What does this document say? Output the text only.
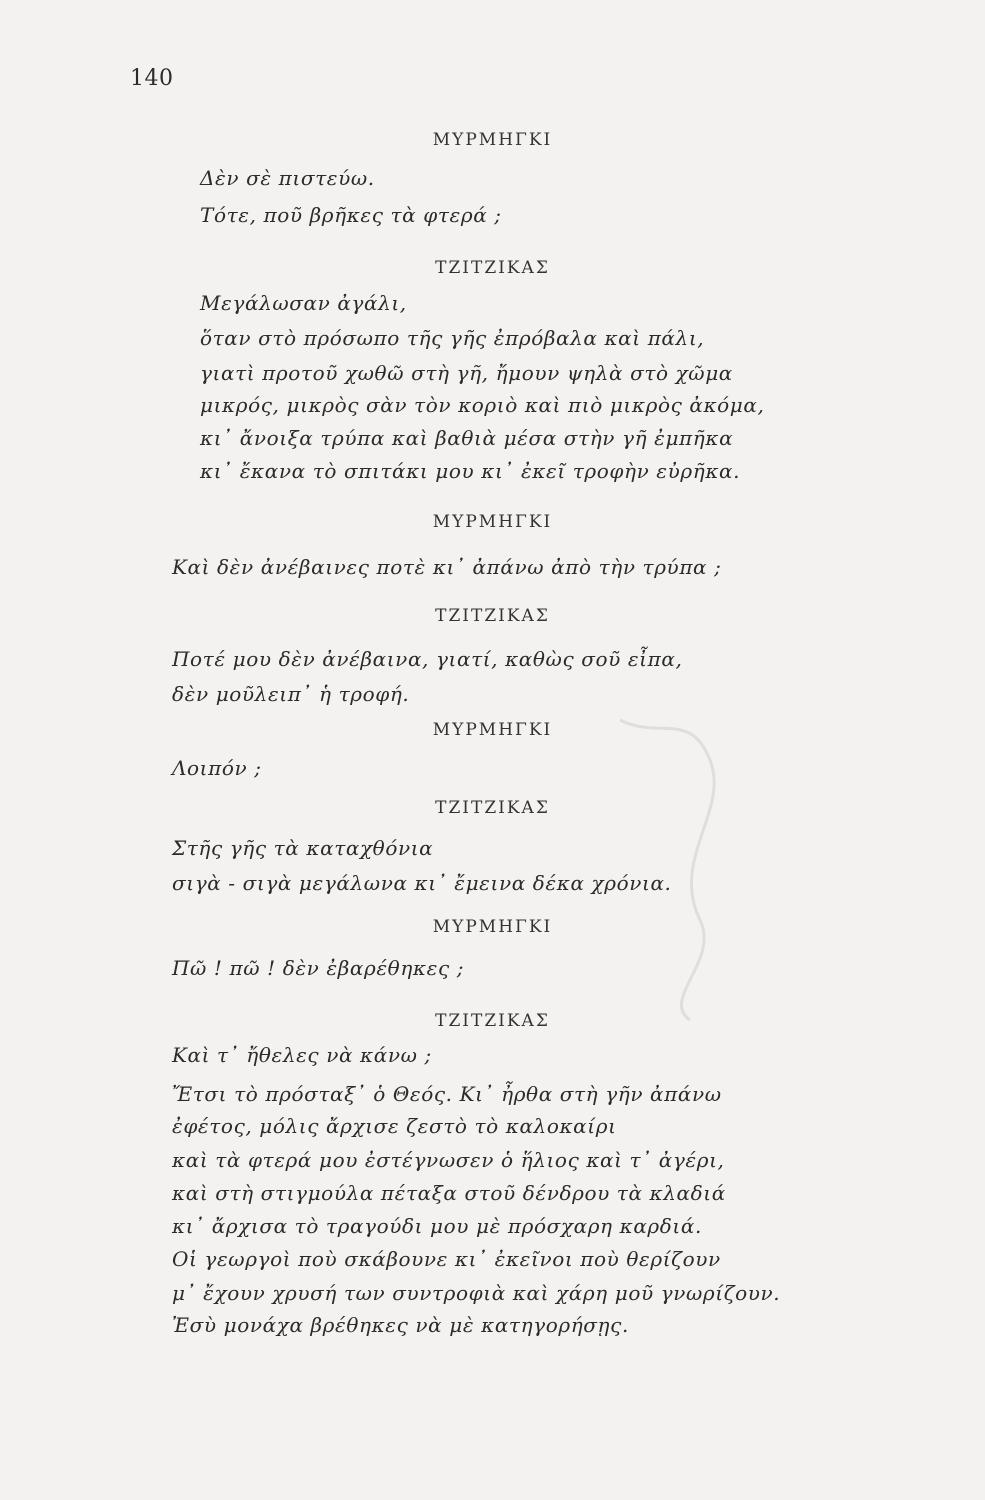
140
ΜΥΡΜΗΓΚΙ
Δὲν σὲ πιστεύω.
Τότε, ποῦ βρῆκες τὰ φτερά ;
ΤΖΙΤΖΙΚΑΣ
Μεγάλωσαν ἀγάλι,
ὅταν στὸ πρόσωπο τῆς γῆς ἐπρόβαλα καὶ πάλι,
γιατὶ προτοῦ χωθῶ στὴ γῆ, ἤμουν ψηλὰ στὸ χῶμα
μικρός, μικρὸς σὰν τὸν κοριὸ καὶ πιὸ μικρὸς ἀκόμα,
κι᾿ ἄνοιξα τρύπα καὶ βαθιὰ μέσα στὴν γῆ ἐμπῆκα
κι᾿ ἔκανα τὸ σπιτάκι μου κι᾿ ἐκεῖ τροφὴν εὐρῆκα.
ΜΥΡΜΗΓΚΙ
Καὶ δὲν ἀνέβαινες ποτὲ κι᾿ ἀπάνω ἀπὸ τὴν τρύπα ;
ΤΖΙΤΖΙΚΑΣ
Ποτέ μου δὲν ἀνέβαινα, γιατί, καθὼς σοῦ εἶπα,
δὲν μοῦλειπ᾿ ἡ τροφή.
ΜΥΡΜΗΓΚΙ
Λοιπόν ;
ΤΖΙΤΖΙΚΑΣ
Στῆς γῆς τὰ καταχθόνια
σιγὰ - σιγὰ μεγάλωνα κι᾿ ἔμεινα δέκα χρόνια.
ΜΥΡΜΗΓΚΙ
Πῶ ! πῶ ! δὲν ἐβαρέθηκες ;
ΤΖΙΤΖΙΚΑΣ
Καὶ τ᾿ ἤθελες νὰ κάνω ;
Ἔτσι τὸ πρόσταξ᾿ ὁ Θεός. Κι᾿ ἦρθα στὴ γῆν ἀπάνω
ἐφέτος, μόλις ἄρχισε ζεστὸ τὸ καλοκαίρι
καὶ τὰ φτερά μου ἐστέγνωσεν ὁ ἥλιος καὶ τ᾿ ἀγέρι,
καὶ στὴ στιγμούλα πέταξα στοῦ δένδρου τὰ κλαδιά
κι᾿ ἄρχισα τὸ τραγούδι μου μὲ πρόσχαρη καρδιά.
Οἱ γεωργοὶ ποὺ σκάβουνε κι᾿ ἐκεῖνοι ποὺ θερίζουν
μ᾿ ἔχουν χρυσή των συντροφιὰ καὶ χάρη μοῦ γνωρίζουν.
Ἐσὺ μονάχα βρέθηκες νὰ μὲ κατηγορήσῃς.
